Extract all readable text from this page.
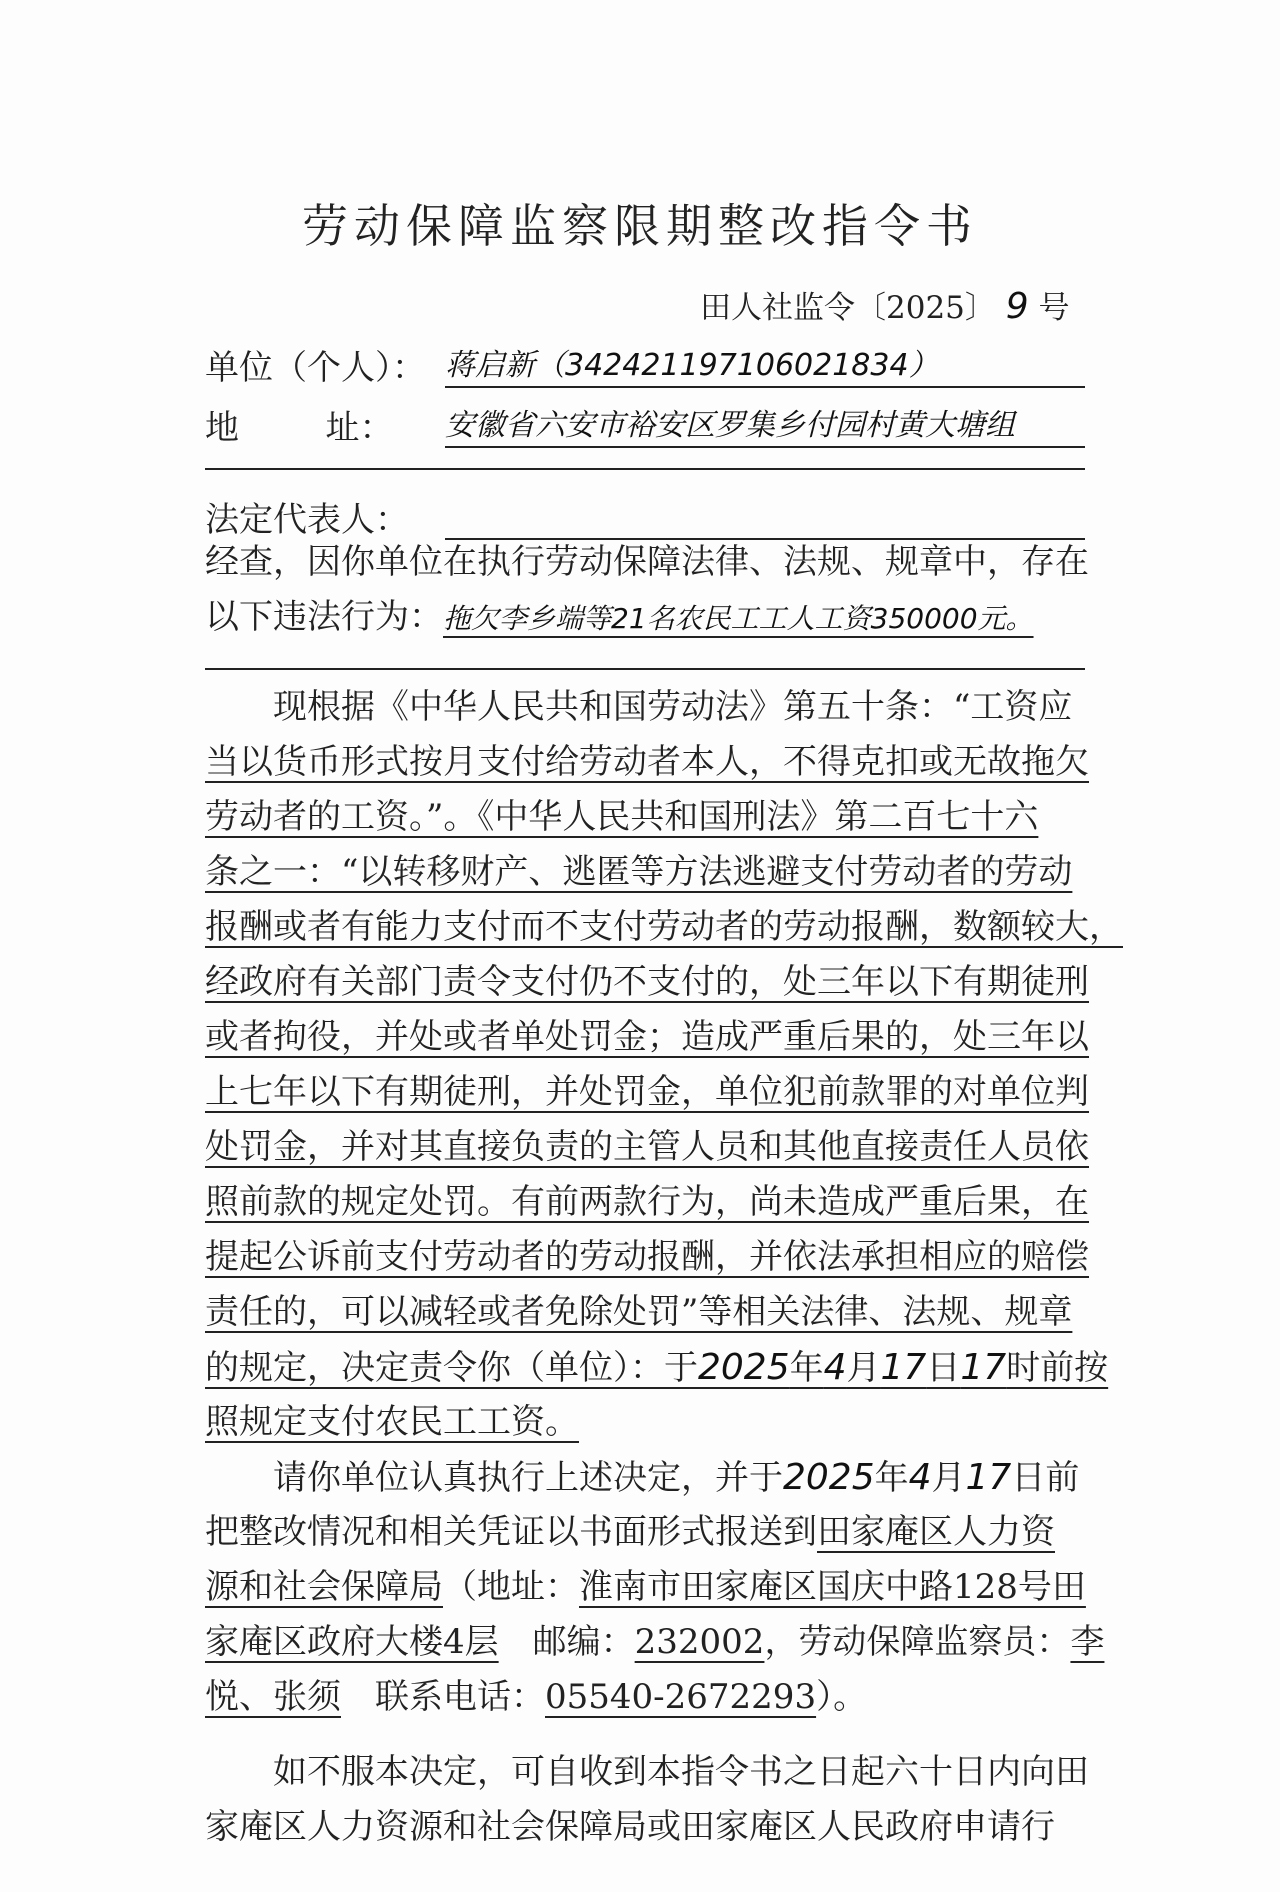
劳动保障监察限期整改指令书
田人社监令〔2025〕 9 号
单位（个人）： 蒋启新（342421197106021834）
地        址： 安徽省六安市裕安区罗集乡付园村黄大塘组
法定代表人：
经查，因你单位在执行劳动保障法律、法规、规章中，存在
以下违法行为：拖欠李乡端等21名农民工工人工资350000元。
现根据《中华人民共和国劳动法》第五十条：“工资应
当以货币形式按月支付给劳动者本人，不得克扣或无故拖欠
劳动者的工资。”。《中华人民共和国刑法》第二百七十六
条之一：“以转移财产、逃匿等方法逃避支付劳动者的劳动
报酬或者有能力支付而不支付劳动者的劳动报酬，数额较大，
经政府有关部门责令支付仍不支付的，处三年以下有期徒刑
或者拘役，并处或者单处罚金；造成严重后果的，处三年以
上七年以下有期徒刑，并处罚金，单位犯前款罪的对单位判
处罚金，并对其直接负责的主管人员和其他直接责任人员依
照前款的规定处罚。有前两款行为，尚未造成严重后果，在
提起公诉前支付劳动者的劳动报酬，并依法承担相应的赔偿
责任的，可以减轻或者免除处罚”等相关法律、法规、规章
的规定，决定责令你（单位）：于2025年4月17日17时前按
照规定支付农民工工资。
请你单位认真执行上述决定，并于2025年4月17日前
把整改情况和相关凭证以书面形式报送到田家庵区人力资
源和社会保障局（地址：淮南市田家庵区国庆中路128号田
家庵区政府大楼4层 邮编：232002，劳动保障监察员：李
悦、张须 联系电话：05540-2672293）。
如不服本决定，可自收到本指令书之日起六十日内向田
家庵区人力资源和社会保障局或田家庵区人民政府申请行
